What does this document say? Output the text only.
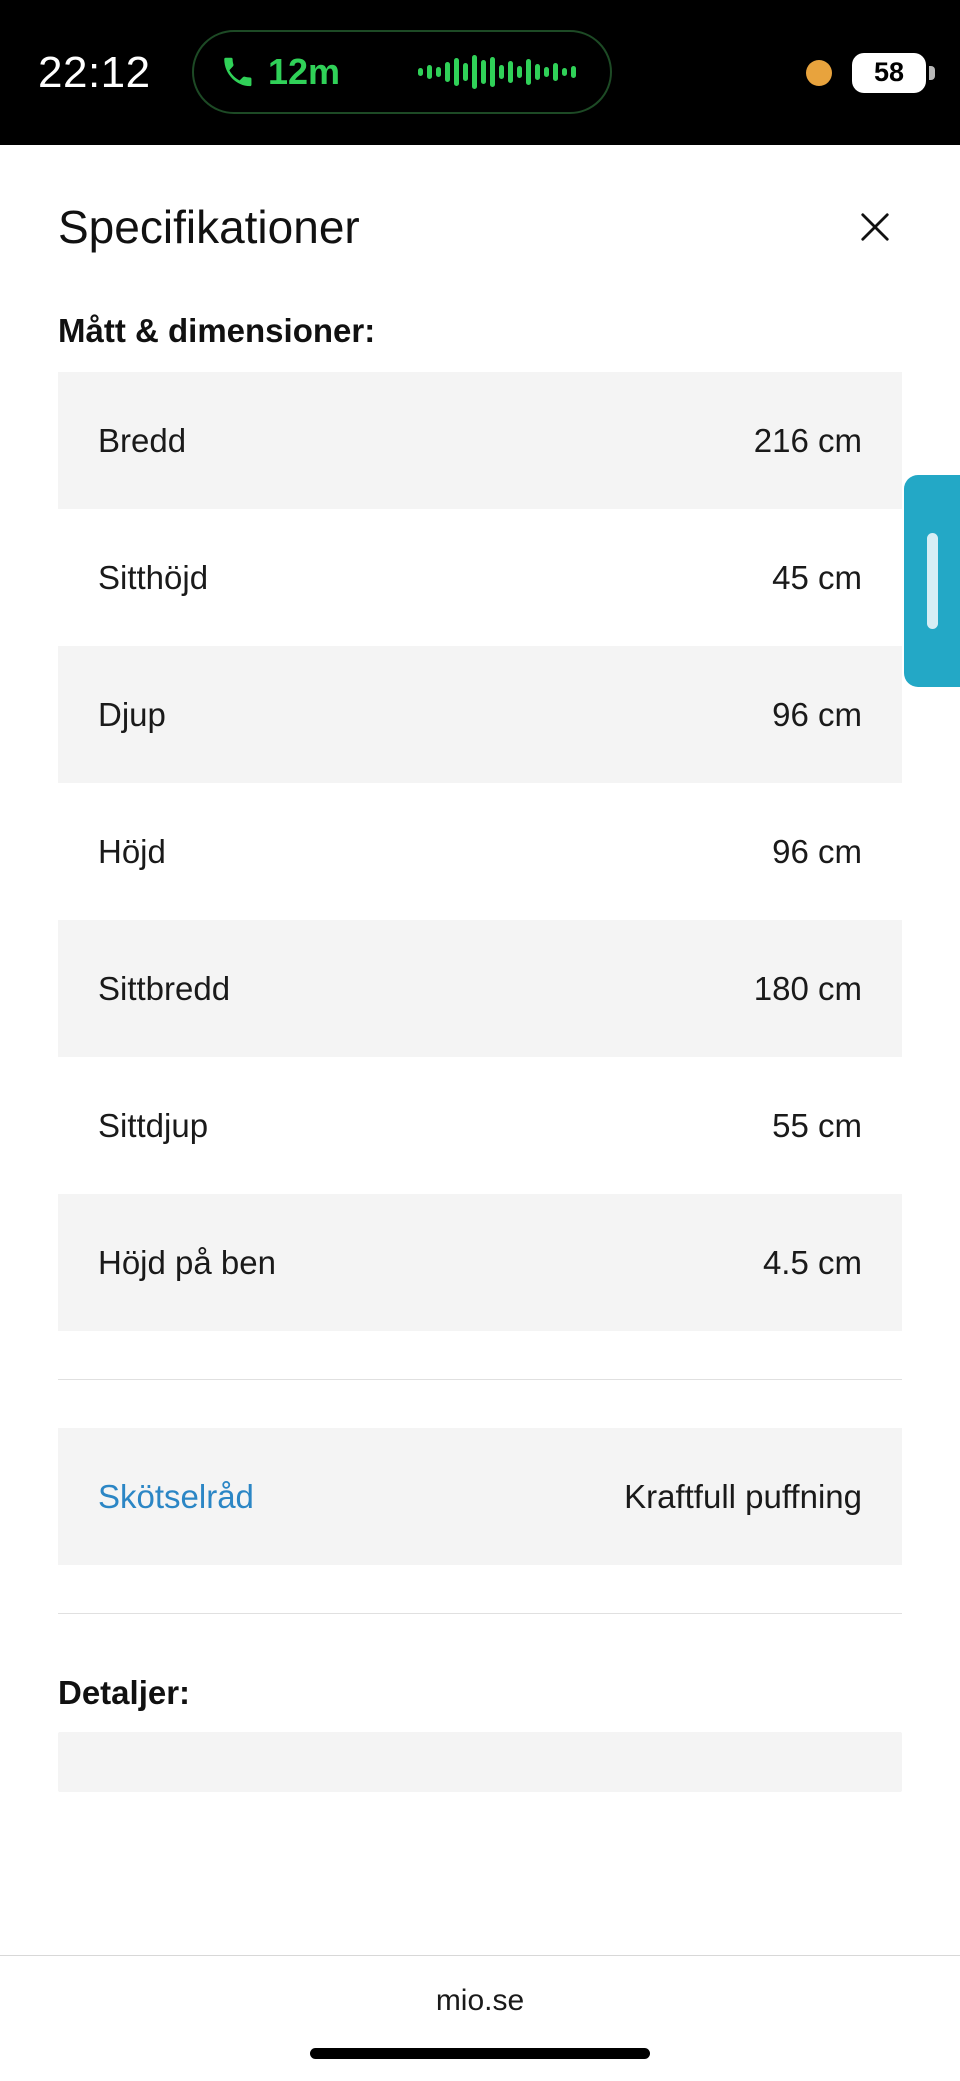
22:12	12m	58
Specifikationer
Mått & dimensioner:
Bredd	216 cm
Sitthöjd	45 cm
Djup	96 cm
Höjd	96 cm
Sittbredd	180 cm
Sittdjup	55 cm
Höjd på ben	4.5 cm
Skötselråd	Kraftfull puffning
Detaljer:
mio.se
